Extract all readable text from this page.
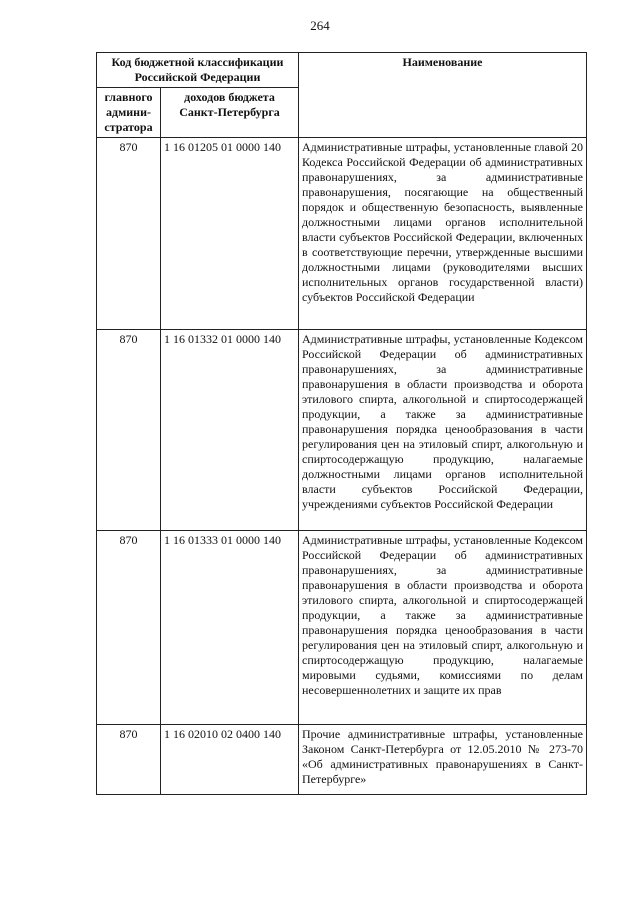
264
Код бюджетной классификации Российской Федерации		Наименование
главного админи-стратора	доходов бюджета Санкт-Петербурга	
870	1 16 01205 01 0000 140	Административные штрафы, установленные главой 20 Кодекса Российской Федерации об административных правонарушениях, за административные правонарушения, посягающие на общественный порядок и общественную безопасность, выявленные должностными лицами органов исполнительной власти субъектов Российской Федерации, включенных в соответствующие перечни, утвержденные высшими должностными лицами (руководителями высших исполнительных органов государственной власти) субъектов Российской Федерации
870	1 16 01332 01 0000 140	Административные штрафы, установленные Кодексом Российской Федерации об административных правонарушениях, за административные правонарушения в области производства и оборота этилового спирта, алкогольной и спиртосодержащей продукции, а также за административные правонарушения порядка ценообразования в части регулирования цен на этиловый спирт, алкогольную и спиртосодержащую продукцию, налагаемые должностными лицами органов исполнительной власти субъектов Российской Федерации, учреждениями субъектов Российской Федерации
870	1 16 01333 01 0000 140	Административные штрафы, установленные Кодексом Российской Федерации об административных правонарушениях, за административные правонарушения в области производства и оборота этилового спирта, алкогольной и спиртосодержащей продукции, а также за административные правонарушения порядка ценообразования в части регулирования цен на этиловый спирт, алкогольную и спиртосодержащую продукцию, налагаемые мировыми судьями, комиссиями по делам несовершеннолетних и защите их прав
870	1 16 02010 02 0400 140	Прочие административные штрафы, установленные Законом Санкт-Петербурга от 12.05.2010 № 273-70 «Об административных правонарушениях в Санкт-Петербурге»
